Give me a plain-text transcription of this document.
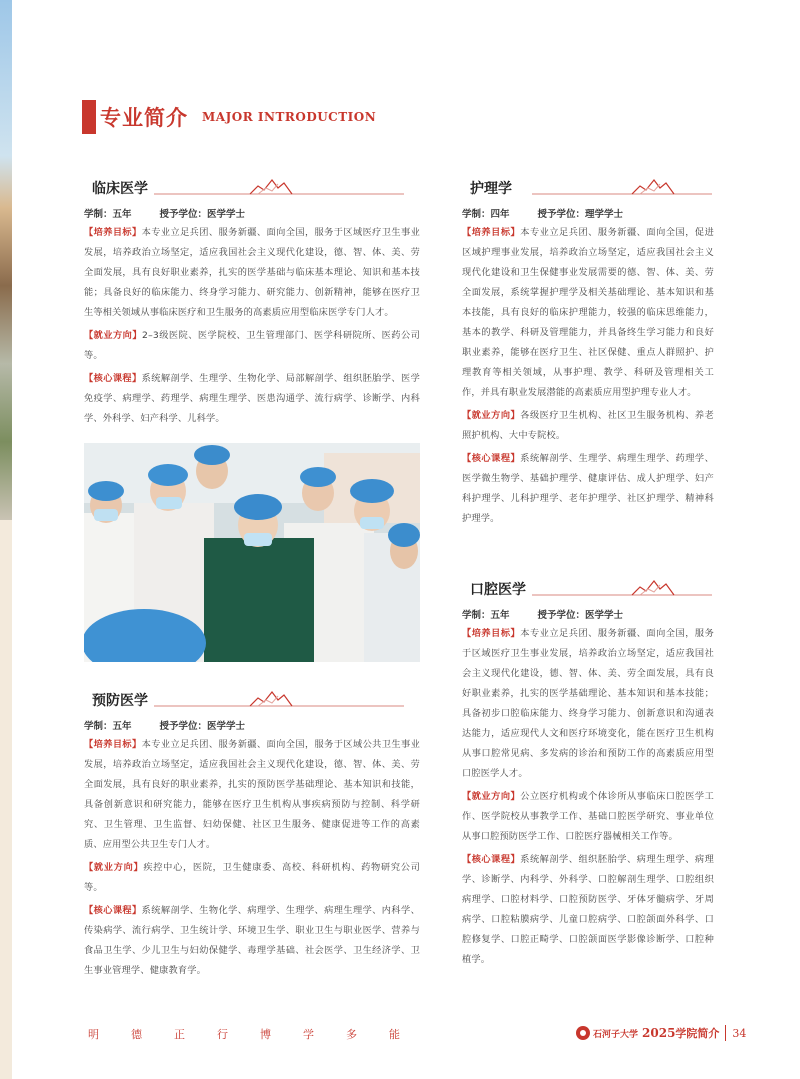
专业简介 MAJOR INTRODUCTION
临床医学
学制：五年	授予学位：医学学士

【培养目标】本专业立足兵团、服务新疆、面向全国，服务于区域医疗卫生事业发展，培养政治立场坚定，适应我国社会主义现代化建设，德、智、体、美、劳全面发展，具有良好职业素养，扎实的医学基础与临床基本理论、知识和基本技能；具备良好的临床能力、终身学习能力、研究能力、创新精神，能够在医疗卫生等相关领域从事临床医疗和卫生服务的高素质应用型临床医学专门人才。

【就业方向】2–3级医院、医学院校、卫生管理部门、医学科研院所、医药公司等。

【核心课程】系统解剖学、生理学、生物化学、局部解剖学、组织胚胎学、医学免疫学、病理学、药理学、病理生理学、医患沟通学、流行病学、诊断学、内科学、外科学、妇产科学、儿科学。

预防医学
学制：五年	授予学位：医学学士

【培养目标】本专业立足兵团、服务新疆、面向全国，服务于区域公共卫生事业发展，培养政治立场坚定，适应我国社会主义现代化建设，德、智、体、美、劳全面发展，具有良好的职业素养，扎实的预防医学基础理论、基本知识和技能，具备创新意识和研究能力，能够在医疗卫生机构从事疾病预防与控制、科学研究、卫生管理、卫生监督、妇幼保健、社区卫生服务、健康促进等工作的高素质、应用型公共卫生专门人才。

【就业方向】疾控中心，医院，卫生健康委、高校、科研机构、药物研究公司等。

【核心课程】系统解剖学、生物化学、病理学、生理学、病理生理学、内科学、传染病学、流行病学、卫生统计学、环境卫生学、职业卫生与职业医学、营养与食品卫生学、少儿卫生与妇幼保健学、毒理学基础、社会医学、卫生经济学、卫生事业管理学、健康教育学。

护理学
学制：四年	授予学位：理学学士

【培养目标】本专业立足兵团、服务新疆、面向全国，促进区域护理事业发展，培养政治立场坚定，适应我国社会主义现代化建设和卫生保健事业发展需要的德、智、体、美、劳全面发展，系统掌握护理学及相关基础理论、基本知识和基本技能，具有良好的临床护理能力，较强的临床思维能力，基本的教学、科研及管理能力，并具备终生学习能力和良好职业素养，能够在医疗卫生、社区保健、重点人群照护、护理教育等相关领域，从事护理、教学、科研及管理相关工作，并具有职业发展潜能的高素质应用型护理专业人才。

【就业方向】各级医疗卫生机构、社区卫生服务机构、养老照护机构、大中专院校。

【核心课程】系统解剖学、生理学、病理生理学、药理学、医学微生物学、基础护理学、健康评估、成人护理学、妇产科护理学、儿科护理学、老年护理学、社区护理学、精神科护理学。

口腔医学
学制：五年	授予学位：医学学士

【培养目标】本专业立足兵团、服务新疆、面向全国，服务于区域医疗卫生事业发展，培养政治立场坚定，适应我国社会主义现代化建设，德、智、体、美、劳全面发展，具有良好职业素养，扎实的医学基础理论、基本知识和基本技能；具备初步口腔临床能力、终身学习能力、创新意识和沟通表达能力，适应现代人文和医疗环境变化，能在医疗卫生机构从事口腔常见病、多发病的诊治和预防工作的高素质应用型口腔医学人才。

【就业方向】公立医疗机构或个体诊所从事临床口腔医学工作、医学院校从事教学工作、基础口腔医学研究、事业单位从事口腔预防医学工作、口腔医疗器械相关工作等。

【核心课程】系统解剖学、组织胚胎学、病理生理学、病理学、诊断学、内科学、外科学、口腔解剖生理学、口腔组织病理学、口腔材料学、口腔预防医学、牙体牙髓病学、牙周病学、口腔粘膜病学、儿童口腔病学、口腔颌面外科学、口腔修复学、口腔正畸学、口腔颌面医学影像诊断学、口腔种植学。

明	德	正	行	博	学	多	能	石河子大学 2025 学院简介 34
